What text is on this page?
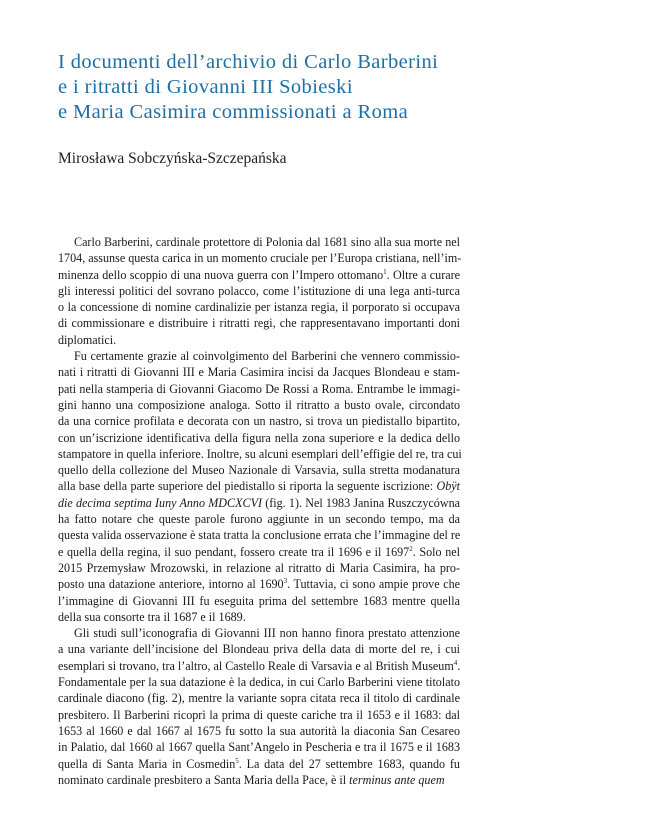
I documenti dell’archivio di Carlo Barberini
e i ritratti di Giovanni III Sobieski
e Maria Casimira commissionati a Roma
Mirosława Sobczyńska-Szczepańska
Carlo Barberini, cardinale protettore di Polonia dal 1681 sino alla sua morte nel
1704, assunse questa carica in un momento cruciale per l’Europa cristiana, nell’im-
minenza dello scoppio di una nuova guerra con l’Impero ottomano$^1$. Oltre a curare
gli interessi politici del sovrano polacco, come l’istituzione di una lega anti-turca
o la concessione di nomine cardinalizie per istanza regia, il porporato si occupava
di commissionare e distribuire i ritratti regi, che rappresentavano importanti doni
diplomatici.
Fu certamente grazie al coinvolgimento del Barberini che vennero commissio-
nati i ritratti di Giovanni III e Maria Casimira incisi da Jacques Blondeau e stam-
pati nella stamperia di Giovanni Giacomo De Rossi a Roma. Entrambe le immagi-
gini hanno una composizione analoga. Sotto il ritratto a busto ovale, circondato
da una cornice profilata e decorata con un nastro, si trova un piedistallo bipartito,
con un’iscrizione identificativa della figura nella zona superiore e la dedica dello
stampatore in quella inferiore. Inoltre, su alcuni esemplari dell’effigie del re, tra cui
quello della collezione del Museo Nazionale di Varsavia, sulla stretta modanatura
alla base della parte superiore del piedistallo si riporta la seguente iscrizione: Obÿt
die decima septima Iuny Anno MDCXCVI (fig. 1). Nel 1983 Janina Ruszczycówna
ha fatto notare che queste parole furono aggiunte in un secondo tempo, ma da
questa valida osservazione è stata tratta la conclusione errata che l’immagine del re
e quella della regina, il suo pendant, fossero create tra il 1696 e il 1697$^2$. Solo nel
2015 Przemysław Mrozowski, in relazione al ritratto di Maria Casimira, ha pro-
posto una datazione anteriore, intorno al 1690$^3$. Tuttavia, ci sono ampie prove che
l’immagine di Giovanni III fu eseguita prima del settembre 1683 mentre quella
della sua consorte tra il 1687 e il 1689.
Gli studi sull’iconografia di Giovanni III non hanno finora prestato attenzione
a una variante dell’incisione del Blondeau priva della data di morte del re, i cui
esemplari si trovano, tra l’altro, al Castello Reale di Varsavia e al British Museum$^4$.
Fondamentale per la sua datazione è la dedica, in cui Carlo Barberini viene titolato
cardinale diacono (fig. 2), mentre la variante sopra citata reca il titolo di cardinale
presbitero. Il Barberini ricoprì la prima di queste cariche tra il 1653 e il 1683: dal
1653 al 1660 e dal 1667 al 1675 fu sotto la sua autorità la diaconia San Cesareo
in Palatio, dal 1660 al 1667 quella Sant’Angelo in Pescheria e tra il 1675 e il 1683
quella di Santa Maria in Cosmedin$^5$. La data del 27 settembre 1683, quando fu
nominato cardinale presbitero a Santa Maria della Pace, è il terminus ante quem
